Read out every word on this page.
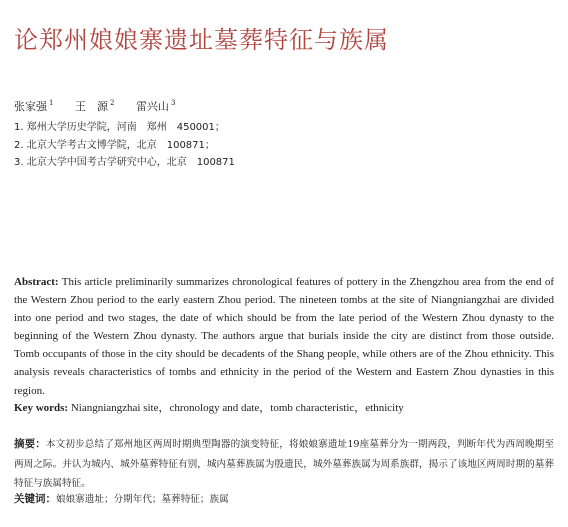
论郑州娘娘寨遗址墓葬特征与族属
张家强 $^1$ 王　源 $^2$ 雷兴山 $^3$
1. 郑州大学历史学院，河南　郑州　450001；
2. 北京大学考古文博学院，北京　100871；
3. 北京大学中国考古学研究中心，北京　100871
Abstract: This article preliminarily summarizes chronological features of pottery in the Zhengzhou area from the end of the Western Zhou period to the early eastern Zhou period. The nineteen tombs at the site of Niangniangzhai are divided into one period and two stages, the date of which should be from the late period of the Western Zhou dynasty to the beginning of the Western Zhou dynasty. The authors argue that burials inside the city are distinct from those outside. Tomb occupants of those in the city should be decadents of the Shang people, while others are of the Zhou ethnicity. This analysis reveals characteristics of tombs and ethnicity in the period of the Western and Eastern Zhou dynasties in this region.
Key words: Niangniangzhai site，chronology and date，tomb characteristic，ethnicity
摘要：本文初步总结了郑州地区两周时期典型陶器的演变特征，将娘娘寨遗址19座墓葬分为一期两段，判断年代为西周晚期至两周之际。并认为城内、城外墓葬特征有别，城内墓葬族属为殷遗民，城外墓葬族属为周系族群，揭示了该地区两周时期的墓葬特征与族属特征。
关键词：娘娘寨遗址；分期年代；墓葬特征；族属
